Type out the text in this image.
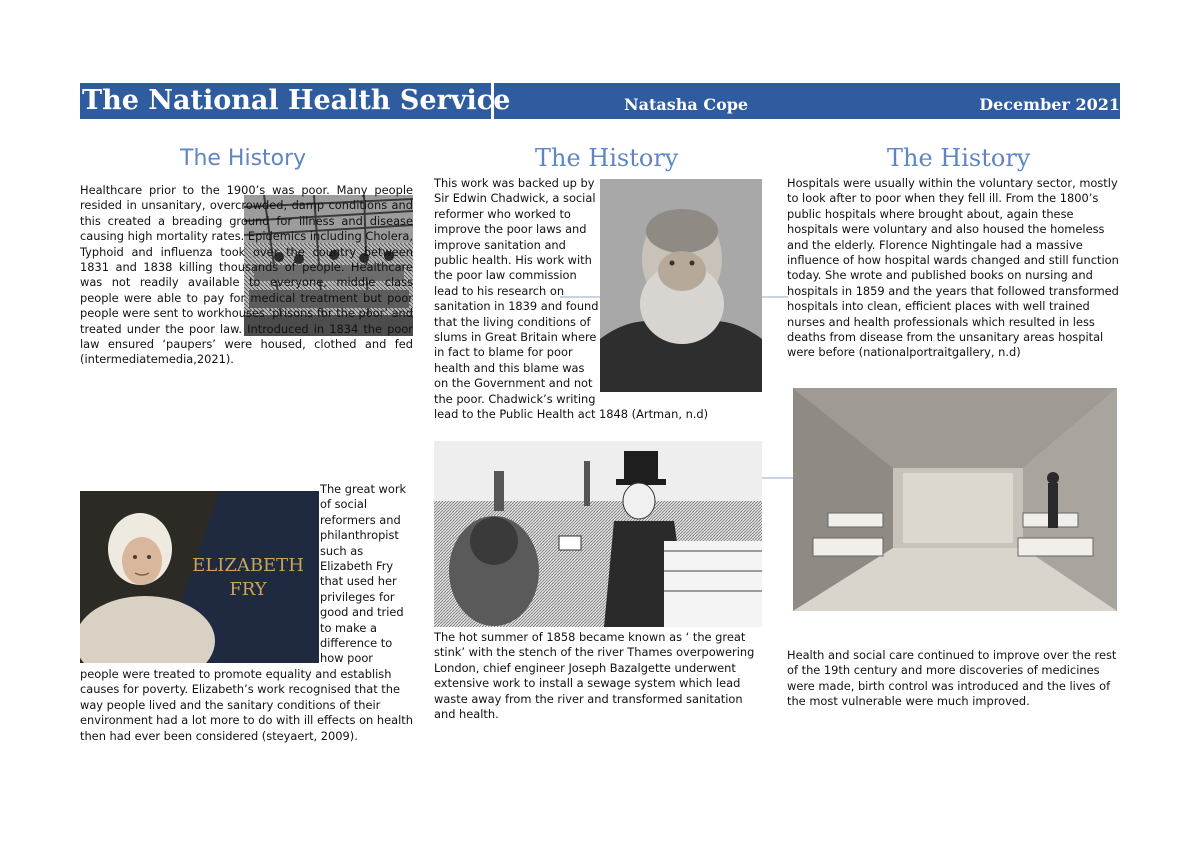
The National Health Service	Natasha Cope	December 2021
The History
Healthcare prior to the 1900’s was poor. Many people resided in unsanitary, overcrowded, damp conditions and this created a breading ground for illness and disease causing high mortality rates. Epidemics including Cholera, Typhoid and influenza took over the country between 1831 and 1838 killing thousands of people. Healthcare was not readily available to everyone, middle class people were able to pay for medical treatment but poor people were sent to workhouses ‘prisons for the poor’ and treated under the poor law. Introduced in 1834 the poor law ensured ‘paupers’ were housed, clothed and fed (intermediatemedia,2021).
ELIZABETH
FRY
The great work of social reformers and philanthropist such as Elizabeth Fry that used her privileges for good and tried to make a difference to how poor people were treated to promote equality and establish causes for poverty. Elizabeth’s work recognised that the way people lived and the sanitary conditions of their environment had a lot more to do with ill effects on health then had ever been considered (steyaert, 2009).
The History
This work was backed up by Sir Edwin Chadwick, a social reformer who worked to improve the poor laws and improve sanitation and public health. His work with the poor law commission lead to his research on sanitation in 1839 and found that the living conditions of slums in Great Britain where in fact to blame for poor health and this blame was on the Government and not the poor. Chadwick’s writing lead to the Public Health act 1848 (Artman, n.d)
The hot summer of 1858 became known as ‘ the great stink’ with the stench of the river Thames overpowering London, chief engineer Joseph Bazalgette underwent extensive work to install a sewage system which lead waste away from the river and transformed sanitation and health.
The History
Hospitals were usually within the voluntary sector, mostly to look after to poor when they fell ill. From the 1800’s public hospitals where brought about, again these hospitals were voluntary and also housed the homeless and the elderly. Florence Nightingale had a massive influence of how hospital wards changed and still function today. She wrote and published books on nursing and hospitals in 1859 and the years that followed transformed hospitals into clean, efficient places with well trained nurses and health professionals which resulted in less deaths from disease from the unsanitary areas hospital were before (nationalportraitgallery, n.d)
Health and social care continued to improve over the rest of the 19th century and more discoveries of medicines were made, birth control was introduced and the lives of the most vulnerable were much improved.
